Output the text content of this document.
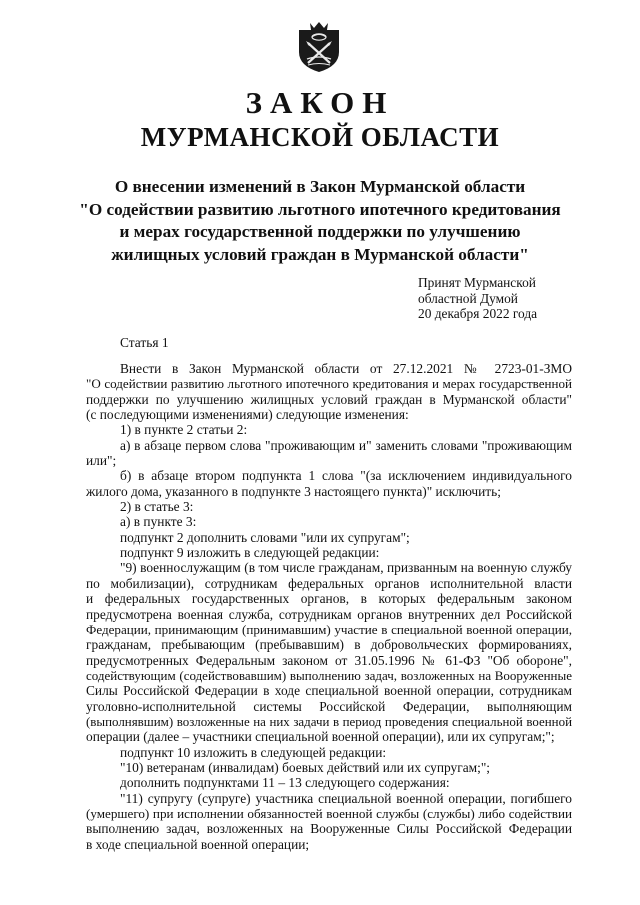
ЗАКОН
МУРМАНСКОЙ ОБЛАСТИ
О внесении изменений в Закон Мурманской области
"О содействии развитию льготного ипотечного кредитования
и мерах государственной поддержки по улучшению
жилищных условий граждан в Мурманской области"
Принят Мурманской
областной Думой
20 декабря 2022 года
Статья 1
Внести в Закон Мурманской области от 27.12.2021 № 2723-01-ЗМО
"О содействии развитию льготного ипотечного кредитования и мерах государственной
поддержки по улучшению жилищных условий граждан в Мурманской области"
(с последующими изменениями) следующие изменения:
1) в пункте 2 статьи 2:
а) в абзаце первом слова "проживающим и" заменить словами "проживающим
или";
б) в абзаце втором подпункта 1 слова "(за исключением индивидуального
жилого дома, указанного в подпункте 3 настоящего пункта)" исключить;
2) в статье 3:
а) в пункте 3:
подпункт 2 дополнить словами "или их супругам";
подпункт 9 изложить в следующей редакции:
"9) военнослужащим (в том числе гражданам, призванным на военную службу
по мобилизации), сотрудникам федеральных органов исполнительной власти
и федеральных государственных органов, в которых федеральным законом
предусмотрена военная служба, сотрудникам органов внутренних дел Российской
Федерации, принимающим (принимавшим) участие в специальной военной операции,
гражданам, пребывающим (пребывавшим) в добровольческих формированиях,
предусмотренных Федеральным законом от 31.05.1996 № 61-ФЗ "Об обороне",
содействующим (содействовавшим) выполнению задач, возложенных на Вооруженные
Силы Российской Федерации в ходе специальной военной операции, сотрудникам
уголовно-исполнительной системы Российской Федерации, выполняющим
(выполнявшим) возложенные на них задачи в период проведения специальной военной
операции (далее – участники специальной военной операции), или их супругам;";
подпункт 10 изложить в следующей редакции:
"10) ветеранам (инвалидам) боевых действий или их супругам;";
дополнить подпунктами 11 – 13 следующего содержания:
"11) супругу (супруге) участника специальной военной операции, погибшего
(умершего) при исполнении обязанностей военной службы (службы) либо содействии
выполнению задач, возложенных на Вооруженные Силы Российской Федерации
в ходе специальной военной операции;
